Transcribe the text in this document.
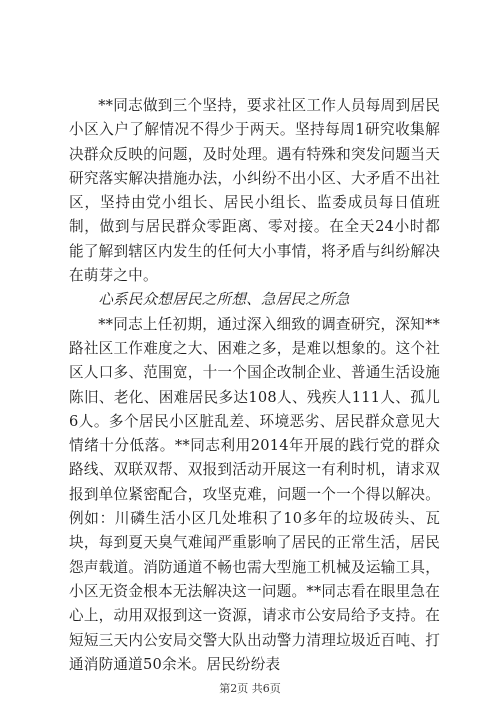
**同志做到三个坚持，要求社区工作人员每周到居民小区入户了解情况不得少于两天。坚持每周1研究收集解决群众反映的问题，及时处理。遇有特殊和突发问题当天研究落实解决措施办法，小纠纷不出小区、大矛盾不出社区，坚持由党小组长、居民小组长、监委成员每日值班制，做到与居民群众零距离、零对接。在全天24小时都能了解到辖区内发生的任何大小事情，将矛盾与纠纷解决在萌芽之中。

心系民众想居民之所想、急居民之所急

**同志上任初期，通过深入细致的调查研究，深知**路社区工作难度之大、困难之多，是难以想象的。这个社区人口多、范围宽，十一个国企改制企业、普通生活设施陈旧、老化、困难居民多达108人、残疾人111人、孤儿6人。多个居民小区脏乱差、环境恶劣、居民群众意见大情绪十分低落。**同志利用2014年开展的践行党的群众路线、双联双帮、双报到活动开展这一有利时机，请求双报到单位紧密配合，攻坚克难，问题一个一个得以解决。例如：川磷生活小区几处堆积了10多年的垃圾砖头、瓦块，每到夏天臭气难闻严重影响了居民的正常生活，居民怨声载道。消防通道不畅也需大型施工机械及运输工具，小区无资金根本无法解决这一问题。**同志看在眼里急在心上，动用双报到这一资源，请求市公安局给予支持。在短短三天内公安局交警大队出动警力清理垃圾近百吨、打通消防通道50余米。居民纷纷表

第2页 共6页
